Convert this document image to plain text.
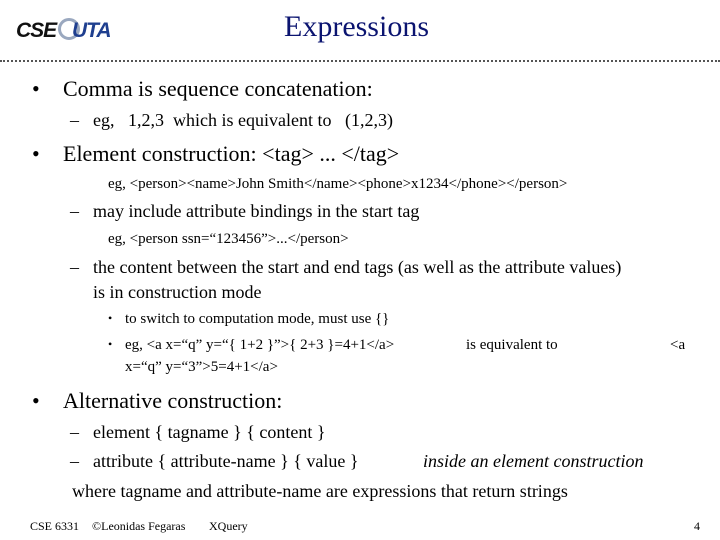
CSE UTA	Expressions
• Comma is sequence concatenation:
– eg,   1,2,3  which is equivalent to   (1,2,3)
• Element construction: <tag> ... </tag>
eg, <person><name>John Smith</name><phone>x1234</phone></person>
– may include attribute bindings in the start tag
eg, <person ssn=“123456”>...</person>
– the content between the start and end tags (as well as the attribute values)
is in construction mode
• to switch to computation mode, must use {}
• eg, <a x=“q” y=“{ 1+2 }”>{ 2+3 }=4+1</a>	is equivalent to	<a
x=“q” y=“3”>5=4+1</a>
• Alternative construction:
– element { tagname } { content }
– attribute { attribute-name } { value }	inside an element construction
where tagname and attribute-name are expressions that return strings
CSE 6331 ©Leonidas Fegaras XQuery	4
